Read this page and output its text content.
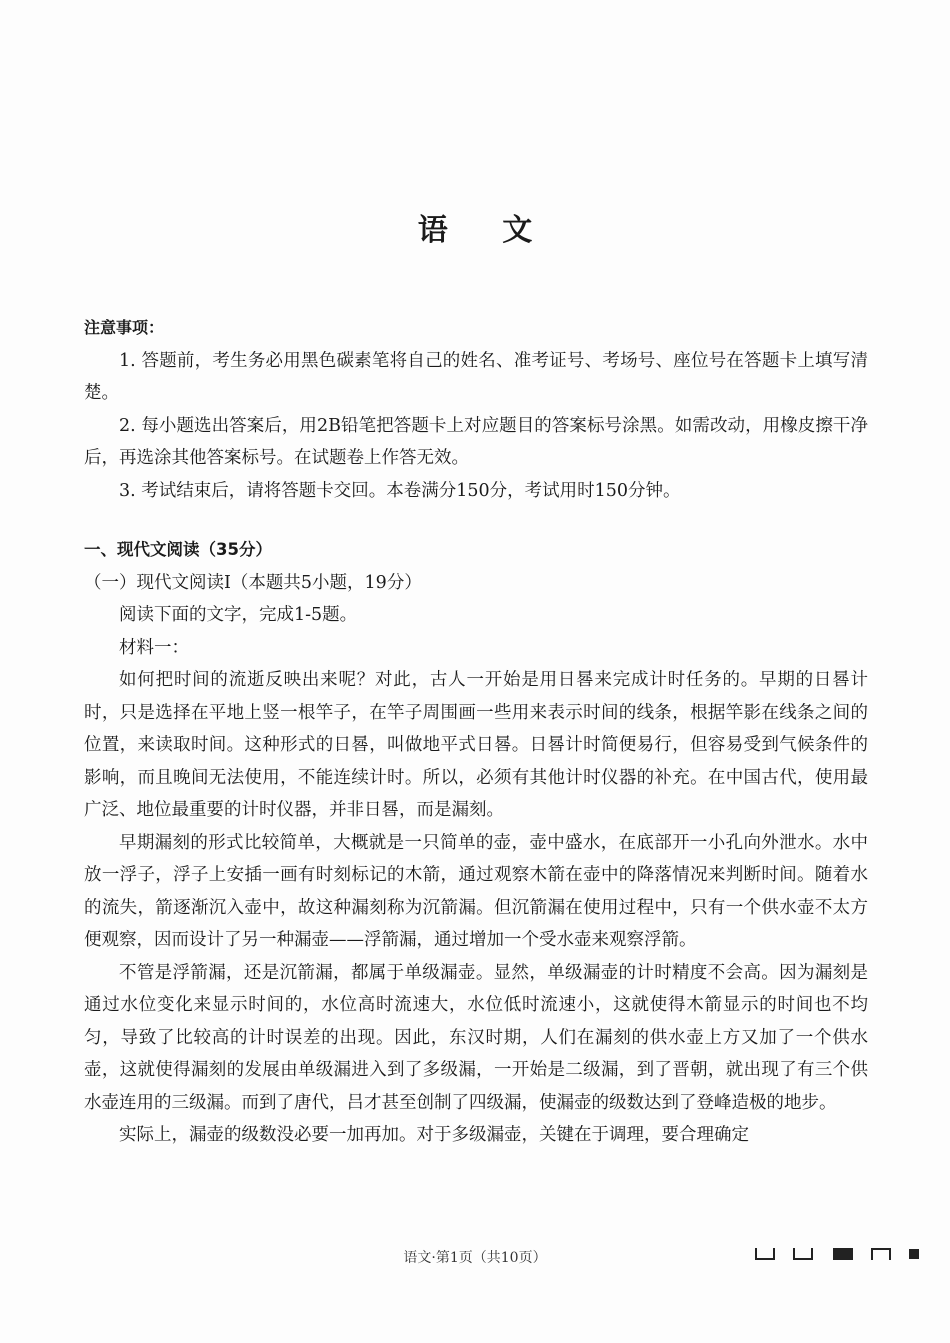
语 文
注意事项：

1. 答题前，考生务必用黑色碳素笔将自己的姓名、准考证号、考场号、座位号在答题卡上填写清楚。

2. 每小题选出答案后，用2B铅笔把答题卡上对应题目的答案标号涂黑。如需改动，用橡皮擦干净后，再选涂其他答案标号。在试题卷上作答无效。

3. 考试结束后，请将答题卡交回。本卷满分150分，考试用时150分钟。

一、现代文阅读（35分）

（一）现代文阅读Ⅰ（本题共5小题，19分）

阅读下面的文字，完成1-5题。

材料一：

如何把时间的流逝反映出来呢？对此，古人一开始是用日晷来完成计时任务的。早期的日晷计时，只是选择在平地上竖一根竿子，在竿子周围画一些用来表示时间的线条，根据竿影在线条之间的位置，来读取时间。这种形式的日晷，叫做地平式日晷。日晷计时简便易行，但容易受到气候条件的影响，而且晚间无法使用，不能连续计时。所以，必须有其他计时仪器的补充。在中国古代，使用最广泛、地位最重要的计时仪器，并非日晷，而是漏刻。

早期漏刻的形式比较简单，大概就是一只简单的壶，壶中盛水，在底部开一小孔向外泄水。水中放一浮子，浮子上安插一画有时刻标记的木箭，通过观察木箭在壶中的降落情况来判断时间。随着水的流失，箭逐渐沉入壶中，故这种漏刻称为沉箭漏。但沉箭漏在使用过程中，只有一个供水壶不太方便观察，因而设计了另一种漏壶——浮箭漏，通过增加一个受水壶来观察浮箭。

不管是浮箭漏，还是沉箭漏，都属于单级漏壶。显然，单级漏壶的计时精度不会高。因为漏刻是通过水位变化来显示时间的，水位高时流速大，水位低时流速小，这就使得木箭显示的时间也不均匀，导致了比较高的计时误差的出现。因此，东汉时期，人们在漏刻的供水壶上方又加了一个供水壶，这就使得漏刻的发展由单级漏进入到了多级漏，一开始是二级漏，到了晋朝，就出现了有三个供水壶连用的三级漏。而到了唐代，吕才甚至创制了四级漏，使漏壶的级数达到了登峰造极的地步。

实际上，漏壶的级数没必要一加再加。对于多级漏壶，关键在于调理，要合理确定

语文·第1页（共10页）
